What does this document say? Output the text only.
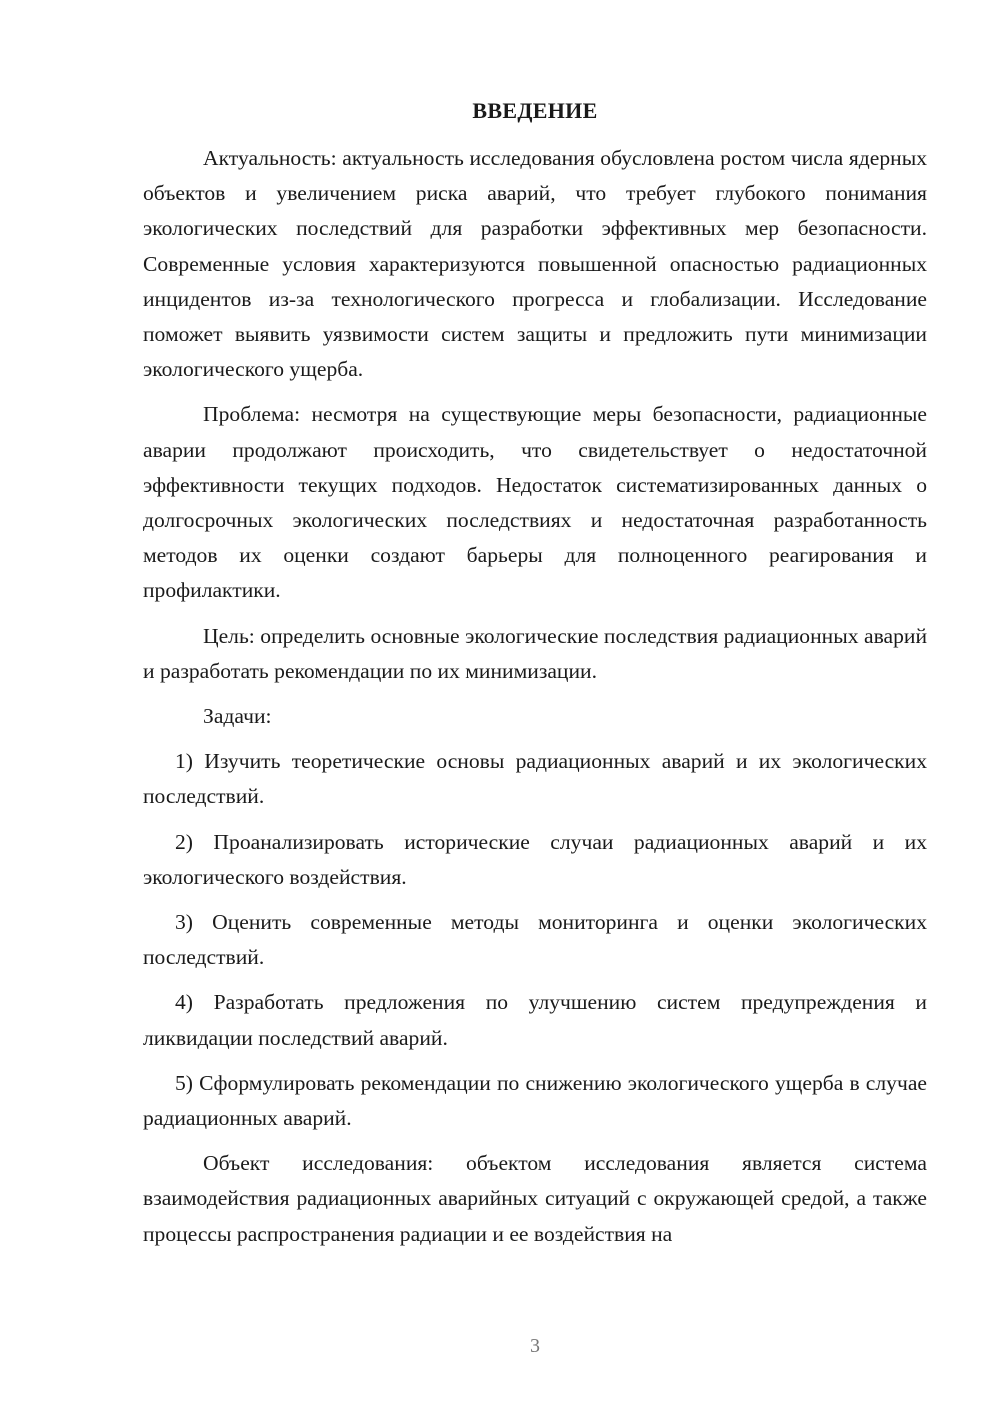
ВВЕДЕНИЕ

Актуальность: актуальность исследования обусловлена ростом числа ядерных объектов и увеличением риска аварий, что требует глубокого понимания экологических последствий для разработки эффективных мер безопасности. Современные условия характеризуются повышенной опасностью радиационных инцидентов из-за технологического прогресса и глобализации. Исследование поможет выявить уязвимости систем защиты и предложить пути минимизации экологического ущерба.

Проблема: несмотря на существующие меры безопасности, радиационные аварии продолжают происходить, что свидетельствует о недостаточной эффективности текущих подходов. Недостаток систематизированных данных о долгосрочных экологических последствиях и недостаточная разработанность методов их оценки создают барьеры для полноценного реагирования и профилактики.

Цель: определить основные экологические последствия радиационных аварий и разработать рекомендации по их минимизации.

Задачи:

1) Изучить теоретические основы радиационных аварий и их экологических последствий.

2) Проанализировать исторические случаи радиационных аварий и их экологического воздействия.

3) Оценить современные методы мониторинга и оценки экологических последствий.

4) Разработать предложения по улучшению систем предупреждения и ликвидации последствий аварий.

5) Сформулировать рекомендации по снижению экологического ущерба в случае радиационных аварий.

Объект исследования: объектом исследования является система взаимодействия радиационных аварийных ситуаций с окружающей средой, а также процессы распространения радиации и ее воздействия на

3
